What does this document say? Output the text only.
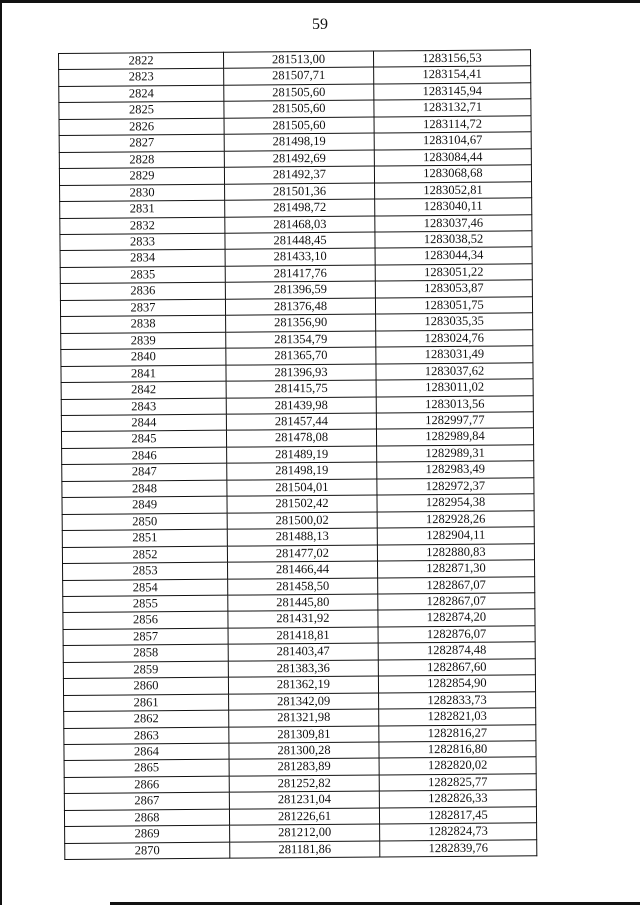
59
2822	281513,00	1283156,53
2823	281507,71	1283154,41
2824	281505,60	1283145,94
2825	281505,60	1283132,71
2826	281505,60	1283114,72
2827	281498,19	1283104,67
2828	281492,69	1283084,44
2829	281492,37	1283068,68
2830	281501,36	1283052,81
2831	281498,72	1283040,11
2832	281468,03	1283037,46
2833	281448,45	1283038,52
2834	281433,10	1283044,34
2835	281417,76	1283051,22
2836	281396,59	1283053,87
2837	281376,48	1283051,75
2838	281356,90	1283035,35
2839	281354,79	1283024,76
2840	281365,70	1283031,49
2841	281396,93	1283037,62
2842	281415,75	1283011,02
2843	281439,98	1283013,56
2844	281457,44	1282997,77
2845	281478,08	1282989,84
2846	281489,19	1282989,31
2847	281498,19	1282983,49
2848	281504,01	1282972,37
2849	281502,42	1282954,38
2850	281500,02	1282928,26
2851	281488,13	1282904,11
2852	281477,02	1282880,83
2853	281466,44	1282871,30
2854	281458,50	1282867,07
2855	281445,80	1282867,07
2856	281431,92	1282874,20
2857	281418,81	1282876,07
2858	281403,47	1282874,48
2859	281383,36	1282867,60
2860	281362,19	1282854,90
2861	281342,09	1282833,73
2862	281321,98	1282821,03
2863	281309,81	1282816,27
2864	281300,28	1282816,80
2865	281283,89	1282820,02
2866	281252,82	1282825,77
2867	281231,04	1282826,33
2868	281226,61	1282817,45
2869	281212,00	1282824,73
2870	281181,86	1282839,76
